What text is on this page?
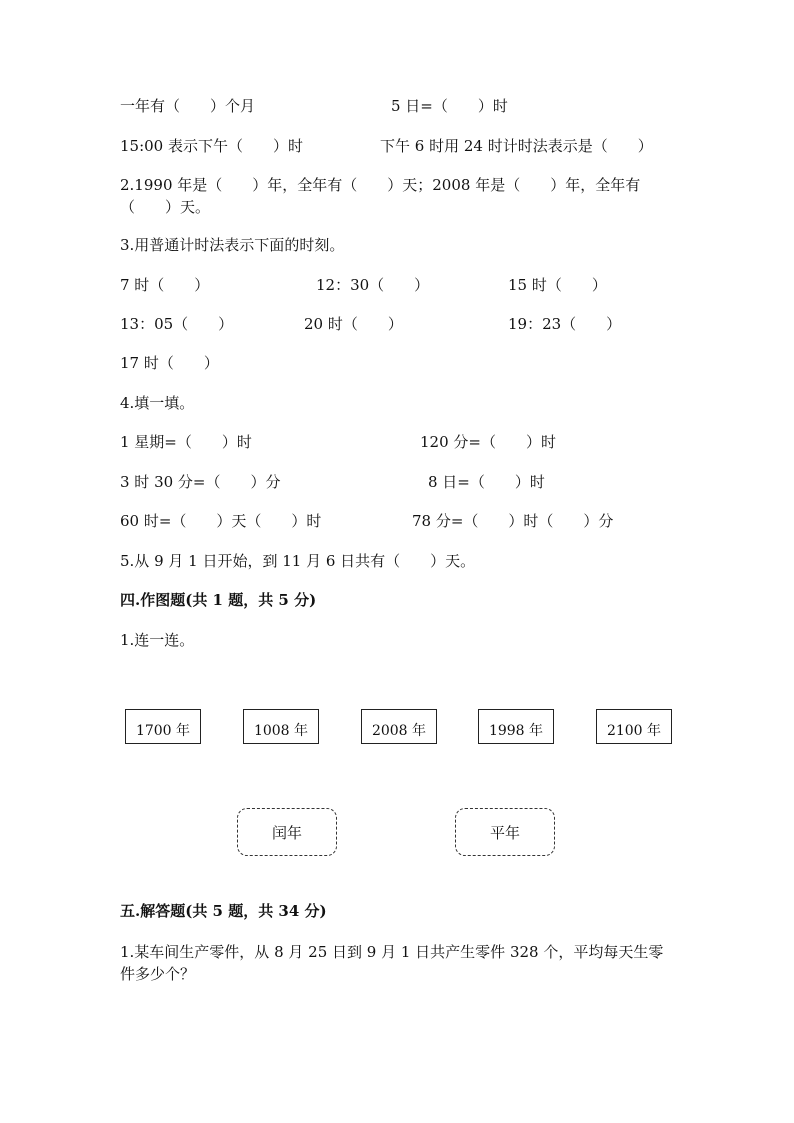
一年有（　　）个月	5 日=（　　）时
15:00 表示下午（　　）时	下午 6 时用 24 时计时法表示是（　　）
2.1990 年是（　　）年，全年有（　　）天；2008 年是（　　）年，全年有
（　　）天。
3.用普通计时法表示下面的时刻。
7 时（　　）	12：30（　　）	15 时（　　）
13：05（　　）	20 时（　　）	19：23（　　）
17 时（　　）
4.填一填。
1 星期=（　　）时	120 分=（　　）时
3 时 30 分=（　　）分	8 日=（　　）时
60 时=（　　）天（　　）时	78 分=（　　）时（　　）分
5.从 9 月 1 日开始，到 11 月 6 日共有（　　）天。
四.作图题(共 1 题，共 5 分)
1.连一连。
1700 年	1008 年	2008 年	1998 年	2100 年
闰年	平年
五.解答题(共 5 题，共 34 分)
1.某车间生产零件，从 8 月 25 日到 9 月 1 日共产生零件 328 个，平均每天生零
件多少个？
